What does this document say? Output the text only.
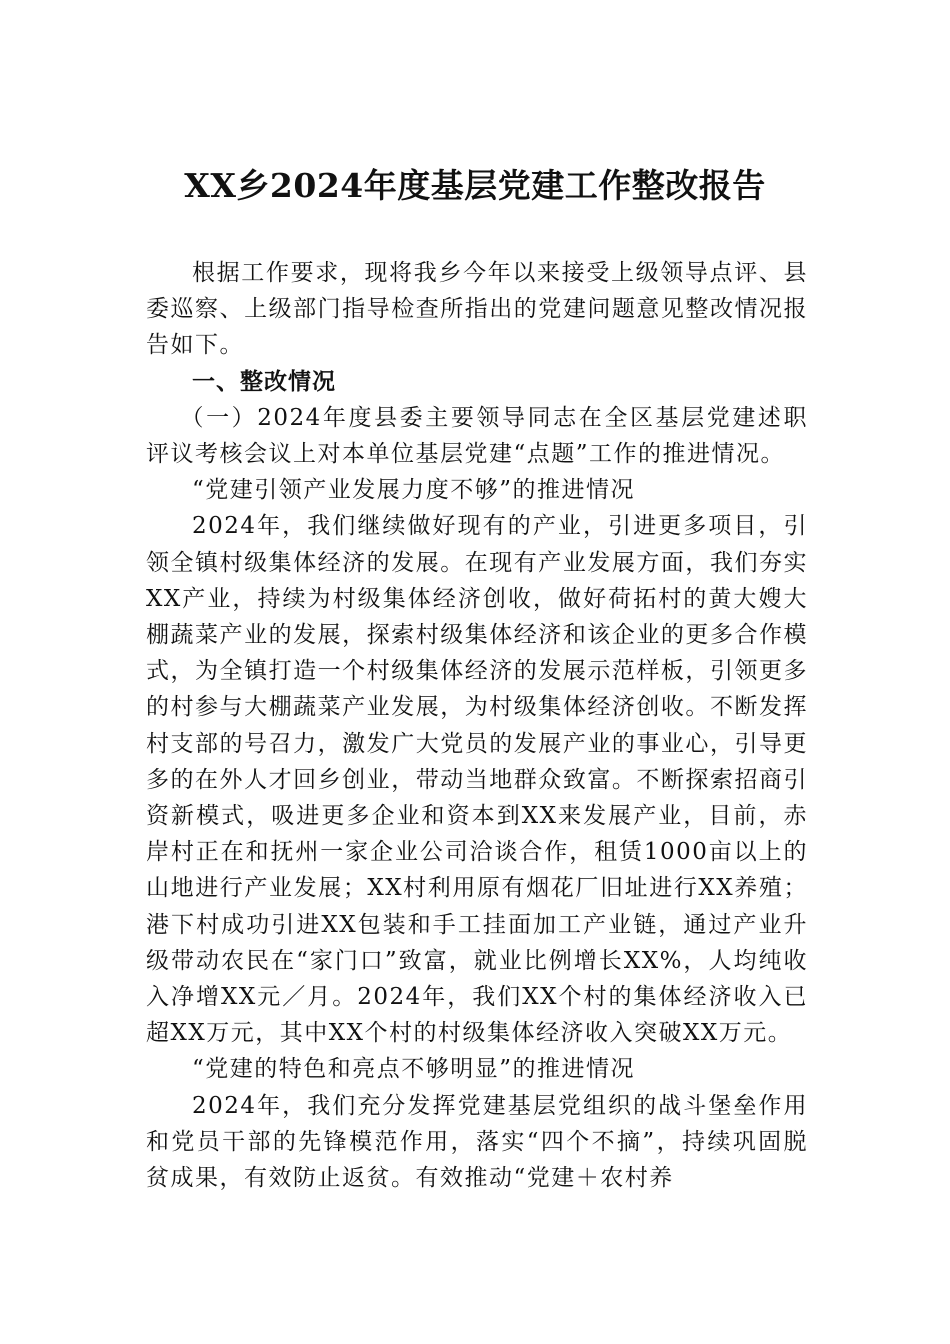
XX乡2024年度基层党建工作整改报告

根据工作要求，现将我乡今年以来接受上级领导点评、县委巡察、上级部门指导检查所指出的党建问题意见整改情况报告如下。

一、整改情况

（一）2024年度县委主要领导同志在全区基层党建述职评议考核会议上对本单位基层党建“点题”工作的推进情况。

“党建引领产业发展力度不够”的推进情况

2024年，我们继续做好现有的产业，引进更多项目，引领全镇村级集体经济的发展。在现有产业发展方面，我们夯实XX产业，持续为村级集体经济创收，做好荷拓村的黄大嫂大棚蔬菜产业的发展，探索村级集体经济和该企业的更多合作模式，为全镇打造一个村级集体经济的发展示范样板，引领更多的村参与大棚蔬菜产业发展，为村级集体经济创收。不断发挥村支部的号召力，激发广大党员的发展产业的事业心，引导更多的在外人才回乡创业，带动当地群众致富。不断探索招商引资新模式，吸进更多企业和资本到XX来发展产业，目前，赤岸村正在和抚州一家企业公司洽谈合作，租赁1000亩以上的山地进行产业发展；XX村利用原有烟花厂旧址进行XX养殖；港下村成功引进XX包装和手工挂面加工产业链，通过产业升级带动农民在“家门口”致富，就业比例增长XX%，人均纯收入净增XX元／月。2024年，我们XX个村的集体经济收入已超XX万元，其中XX个村的村级集体经济收入突破XX万元。

“党建的特色和亮点不够明显”的推进情况

2024年，我们充分发挥党建基层党组织的战斗堡垒作用和党员干部的先锋模范作用，落实“四个不摘”，持续巩固脱贫成果，有效防止返贫。有效推动“党建＋农村养
